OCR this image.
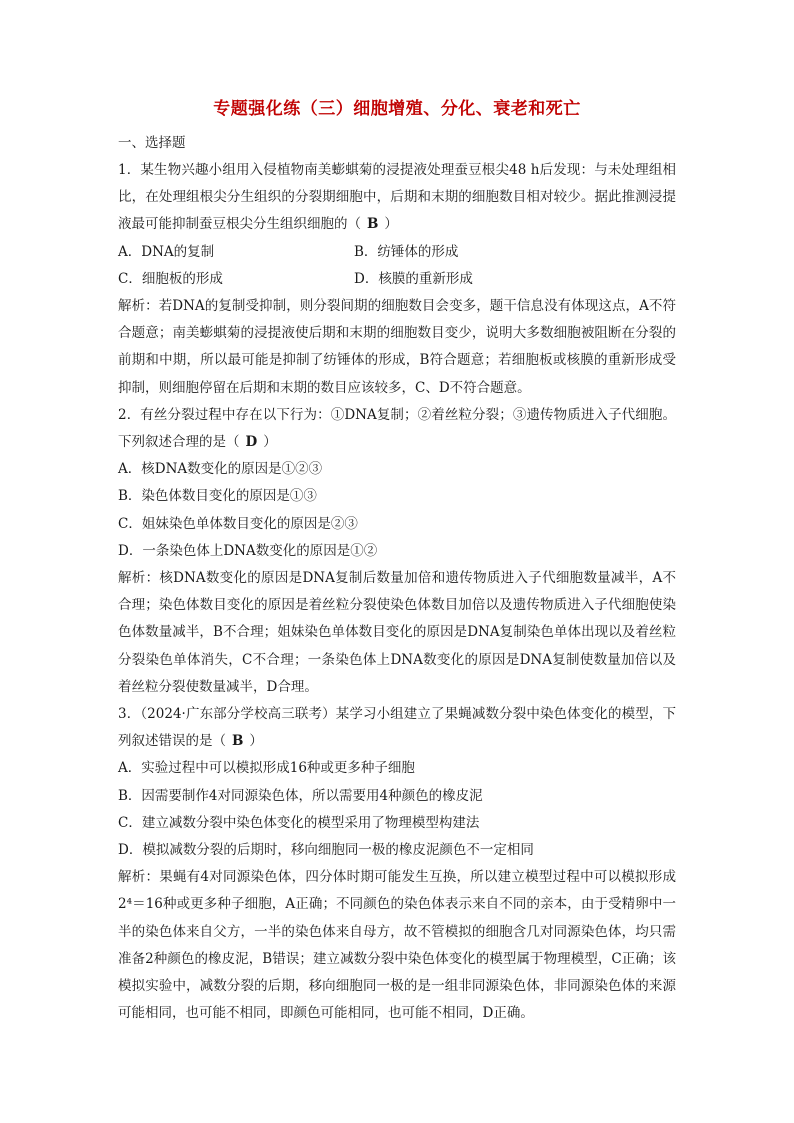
专题强化练（三）细胞增殖、分化、衰老和死亡
一、选择题

1．某生物兴趣小组用入侵植物南美蟛蜞菊的浸提液处理蚕豆根尖48 h后发现：与未处理组相比，在处理组根尖分生组织的分裂期细胞中，后期和末期的细胞数目相对较少。据此推测浸提液最可能抑制蚕豆根尖分生组织细胞的（ B ）

A．DNA的复制	B．纺锤体的形成
C．细胞板的形成	D．核膜的重新形成

解析：若DNA的复制受抑制，则分裂间期的细胞数目会变多，题干信息没有体现这点，A不符合题意；南美蟛蜞菊的浸提液使后期和末期的细胞数目变少，说明大多数细胞被阻断在分裂的前期和中期，所以最可能是抑制了纺锤体的形成，B符合题意；若细胞板或核膜的重新形成受抑制，则细胞停留在后期和末期的数目应该较多，C、D不符合题意。

2．有丝分裂过程中存在以下行为：①DNA复制；②着丝粒分裂；③遗传物质进入子代细胞。下列叙述合理的是（ D ）

A．核DNA数变化的原因是①②③

B．染色体数目变化的原因是①③

C．姐妹染色单体数目变化的原因是②③

D．一条染色体上DNA数变化的原因是①②

解析：核DNA数变化的原因是DNA复制后数量加倍和遗传物质进入子代细胞数量减半，A不合理；染色体数目变化的原因是着丝粒分裂使染色体数目加倍以及遗传物质进入子代细胞使染色体数量减半，B不合理；姐妹染色单体数目变化的原因是DNA复制染色单体出现以及着丝粒分裂染色单体消失，C不合理；一条染色体上DNA数变化的原因是DNA复制使数量加倍以及着丝粒分裂使数量减半，D合理。

3．（2024·广东部分学校高三联考）某学习小组建立了果蝇减数分裂中染色体变化的模型，下列叙述错误的是（ B ）

A．实验过程中可以模拟形成16种或更多种子细胞

B．因需要制作4对同源染色体，所以需要用4种颜色的橡皮泥

C．建立减数分裂中染色体变化的模型采用了物理模型构建法

D．模拟减数分裂的后期时，移向细胞同一极的橡皮泥颜色不一定相同

解析：果蝇有4对同源染色体，四分体时期可能发生互换，所以建立模型过程中可以模拟形成2⁴＝16种或更多种子细胞，A正确；不同颜色的染色体表示来自不同的亲本，由于受精卵中一半的染色体来自父方，一半的染色体来自母方，故不管模拟的细胞含几对同源染色体，均只需准备2种颜色的橡皮泥，B错误；建立减数分裂中染色体变化的模型属于物理模型，C正确；该模拟实验中，减数分裂的后期，移向细胞同一极的是一组非同源染色体，非同源染色体的来源可能相同，也可能不相同，即颜色可能相同，也可能不相同，D正确。
